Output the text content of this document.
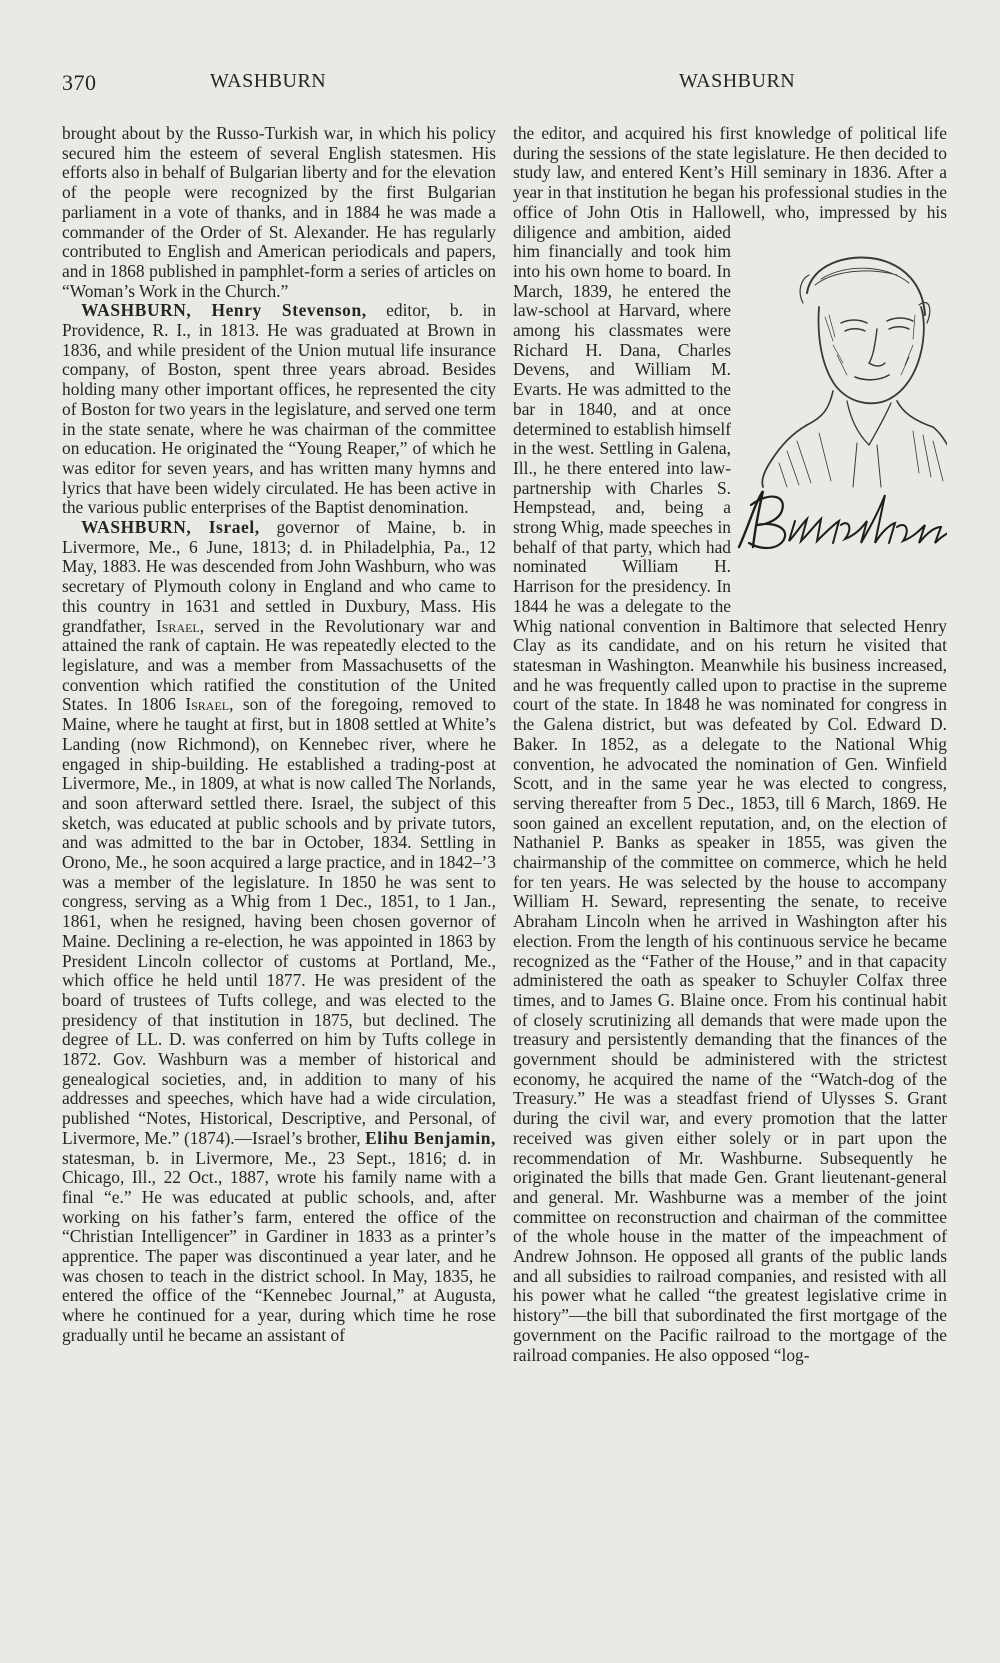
370	WASHBURN	WASHBURN

brought about by the Russo-Turkish war, in which his policy secured him the esteem of several English statesmen. His efforts also in behalf of Bulgarian liberty and for the elevation of the people were recognized by the first Bulgarian parliament in a vote of thanks, and in 1884 he was made a commander of the Order of St. Alexander. He has regularly contributed to English and American periodicals and papers, and in 1868 published in pamphlet-form a series of articles on “Woman’s Work in the Church.”

WASHBURN, Henry Stevenson, editor, b. in Providence, R. I., in 1813. He was graduated at Brown in 1836, and while president of the Union mutual life insurance company, of Boston, spent three years abroad. Besides holding many other important offices, he represented the city of Boston for two years in the legislature, and served one term in the state senate, where he was chairman of the committee on education. He originated the “Young Reaper,” of which he was editor for seven years, and has written many hymns and lyrics that have been widely circulated. He has been active in the various public enterprises of the Baptist denomination.

WASHBURN, Israel, governor of Maine, b. in Livermore, Me., 6 June, 1813; d. in Philadelphia, Pa., 12 May, 1883. He was descended from John Washburn, who was secretary of Plymouth colony in England and who came to this country in 1631 and settled in Duxbury, Mass. His grandfather, Israel, served in the Revolutionary war and attained the rank of captain. He was repeatedly elected to the legislature, and was a member from Massachusetts of the convention which ratified the constitution of the United States. In 1806 Israel, son of the foregoing, removed to Maine, where he taught at first, but in 1808 settled at White’s Landing (now Richmond), on Kennebec river, where he engaged in ship-building. He established a trading-post at Livermore, Me., in 1809, at what is now called The Norlands, and soon afterward settled there. Israel, the subject of this sketch, was educated at public schools and by private tutors, and was admitted to the bar in October, 1834. Settling in Orono, Me., he soon acquired a large practice, and in 1842–’3 was a member of the legislature. In 1850 he was sent to congress, serving as a Whig from 1 Dec., 1851, to 1 Jan., 1861, when he resigned, having been chosen governor of Maine. Declining a re-election, he was appointed in 1863 by President Lincoln collector of customs at Portland, Me., which office he held until 1877. He was president of the board of trustees of Tufts college, and was elected to the presidency of that institution in 1875, but declined. The degree of LL. D. was conferred on him by Tufts college in 1872. Gov. Washburn was a member of historical and genealogical societies, and, in addition to many of his addresses and speeches, which have had a wide circulation, published “Notes, Historical, Descriptive, and Personal, of Livermore, Me.” (1874).—Israel’s brother, Elihu Benjamin, statesman, b. in Livermore, Me., 23 Sept., 1816; d. in Chicago, Ill., 22 Oct., 1887, wrote his family name with a final “e.” He was educated at public schools, and, after working on his father’s farm, entered the office of the “Christian Intelligencer” in Gardiner in 1833 as a printer’s apprentice. The paper was discontinued a year later, and he was chosen to teach in the district school. In May, 1835, he entered the office of the “Kennebec Journal,” at Augusta, where he continued for a year, during which time he rose gradually until he became an assistant of

the editor, and acquired his first knowledge of political life during the sessions of the state legislature. He then decided to study law, and entered Kent’s Hill seminary in 1836. After a year in that institution he began his professional studies in the office of John Otis in Hallowell,
who, impressed by his diligence and ambition, aided him financially and took him into his own home to board. In March, 1839, he entered the law-school at Harvard, where among his classmates were Richard H. Dana, Charles Devens, and William M. Evarts. He was admitted to the bar in 1840, and at once determined to establish himself in the west. Settling in Galena, Ill., he there entered into law-partnership with Charles S. Hempstead, and, being a strong Whig, made speeches in behalf of that party, which had nominated William H. Harrison for the presidency. In 1844 he was a delegate to the Whig national convention in Baltimore that selected Henry Clay as its candidate, and on his return he visited that statesman in Washington. Meanwhile his business increased, and he was frequently called upon to practise in the supreme court of the state. In 1848 he was nominated for congress in the Galena district, but was defeated by Col. Edward D. Baker. In 1852, as a delegate to the National Whig convention, he advocated the nomination of Gen. Winfield Scott, and in the same year he was elected to congress, serving thereafter from 5 Dec., 1853, till 6 March, 1869. He soon gained an excellent reputation, and, on the election of Nathaniel P. Banks as speaker in 1855, was given the chairmanship of the committee on commerce, which he held for ten years. He was selected by the house to accompany William H. Seward, representing the senate, to receive Abraham Lincoln when he arrived in Washington after his election. From the length of his continuous service he became recognized as the “Father of the House,” and in that capacity administered the oath as speaker to Schuyler Colfax three times, and to James G. Blaine once. From his continual habit of closely scrutinizing all demands that were made upon the treasury and persistently demanding that the finances of the government should be administered with the strictest economy, he acquired the name of the “Watch-dog of the Treasury.” He was a steadfast friend of Ulysses S. Grant during the civil war, and every promotion that the latter received was given either solely or in part upon the recommendation of Mr. Washburne. Subsequently he originated the bills that made Gen. Grant lieutenant-general and general. Mr. Washburne was a member of the joint committee on reconstruction and chairman of the committee of the whole house in the matter of the impeachment of Andrew Johnson. He opposed all grants of the public lands and all subsidies to railroad companies, and resisted with all his power what he called “the greatest legislative crime in history”—the bill that subordinated the first mortgage of the government on the Pacific railroad to the mortgage of the railroad companies. He also opposed “log-
